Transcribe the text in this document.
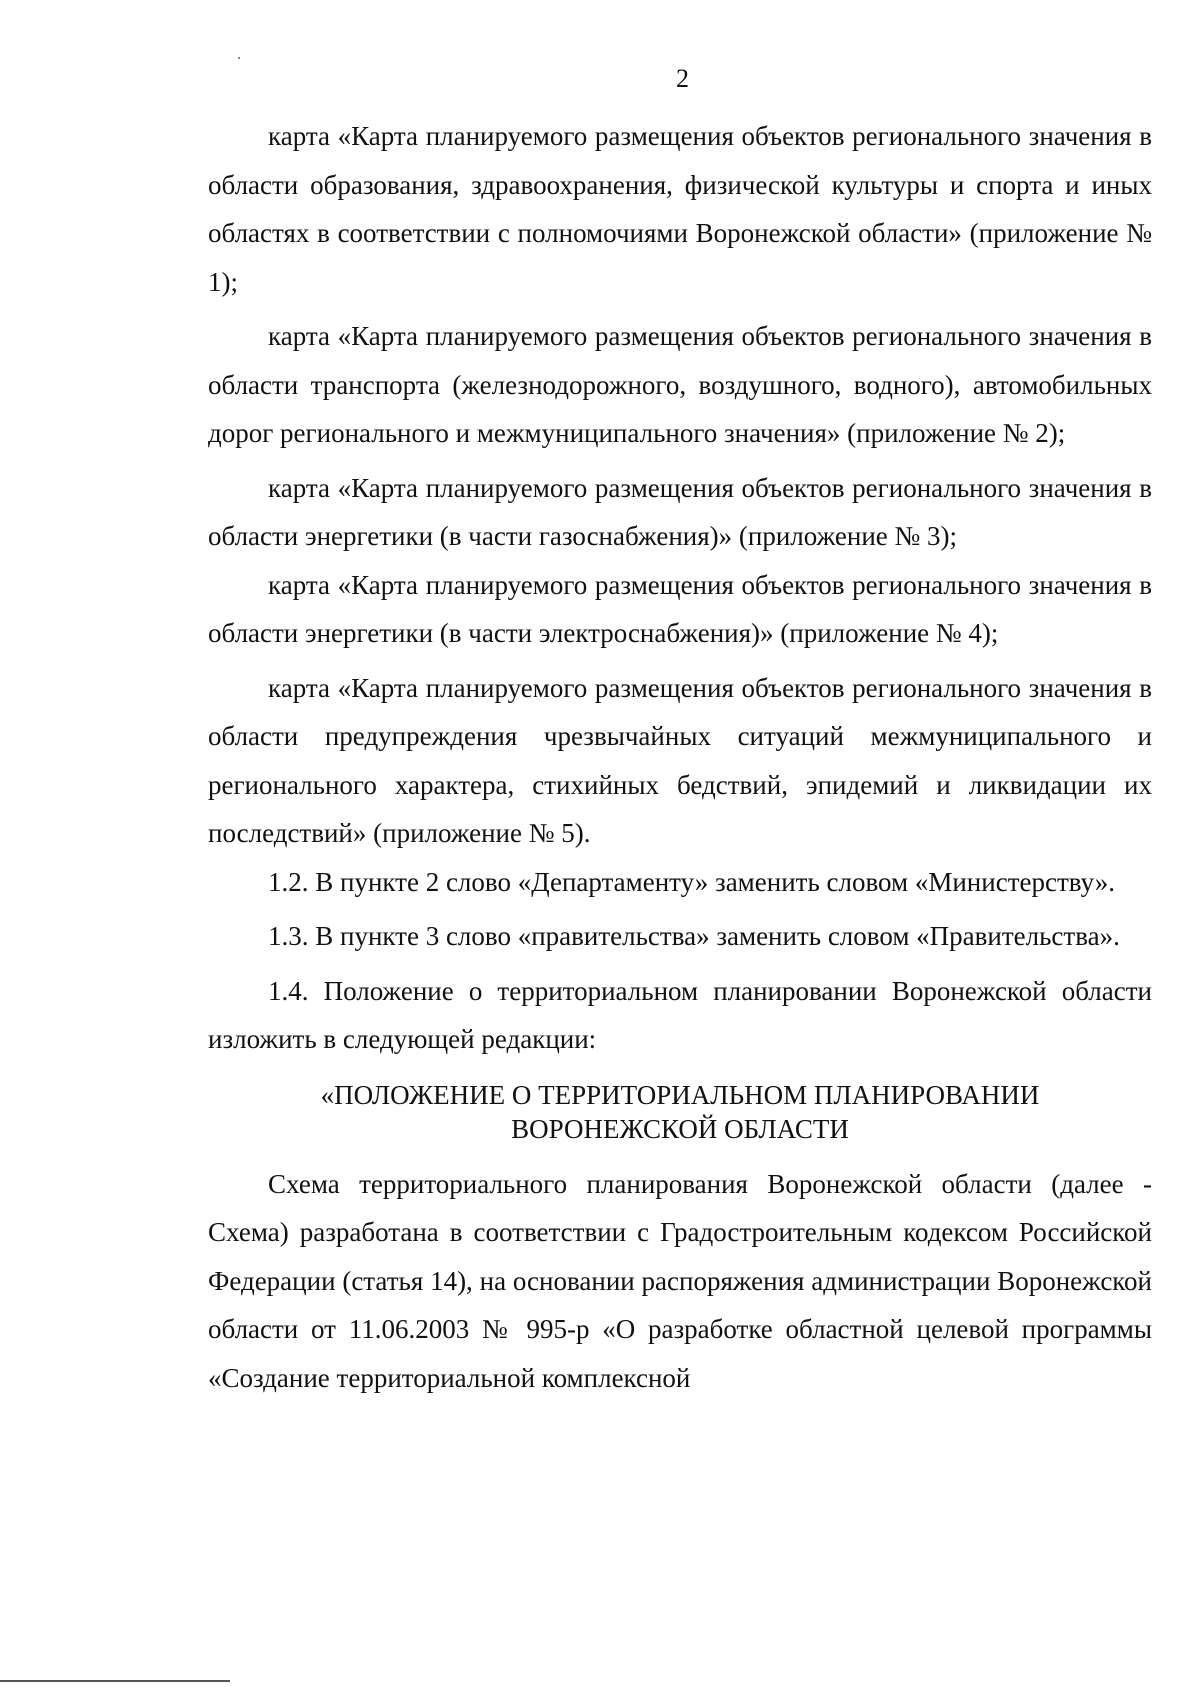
2

карта «Карта планируемого размещения объектов регионального значения в области образования, здравоохранения, физической культуры и спорта и иных областях в соответствии с полномочиями Воронежской области» (приложение № 1);

карта «Карта планируемого размещения объектов регионального значения в области транспорта (железнодорожного, воздушного, водного), автомобильных дорог регионального и межмуниципального значения» (приложение № 2);

карта «Карта планируемого размещения объектов регионального значения в области энергетики (в части газоснабжения)» (приложение № 3);

карта «Карта планируемого размещения объектов регионального значения в области энергетики (в части электроснабжения)» (приложение № 4);

карта «Карта планируемого размещения объектов регионального значения в области предупреждения чрезвычайных ситуаций межмуниципального и регионального характера, стихийных бедствий, эпидемий и ликвидации их последствий» (приложение № 5).

1.2. В пункте 2 слово «Департаменту» заменить словом «Министерству».

1.3. В пункте 3 слово «правительства» заменить словом «Правительства».

1.4. Положение о территориальном планировании Воронежской области изложить в следующей редакции:

«ПОЛОЖЕНИЕ О ТЕРРИТОРИАЛЬНОМ ПЛАНИРОВАНИИ
ВОРОНЕЖСКОЙ ОБЛАСТИ

Схема территориального планирования Воронежской области (далее - Схема) разработана в соответствии с Градостроительным кодексом Российской Федерации (статья 14), на основании распоряжения администрации Воронежской области от 11.06.2003 № 995-р «О разработке областной целевой программы «Создание территориальной комплексной
